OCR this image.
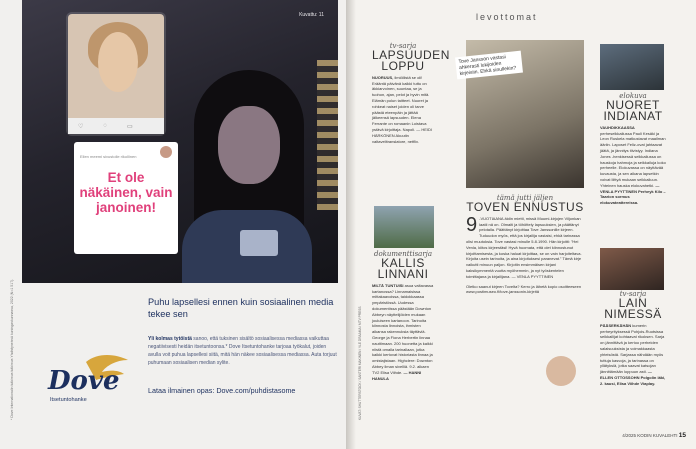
Kuvattu: 11
♡	◌	▭
Ellen meemi sivustolle rikollinen
Et ole näkäinen, vain janoinen!
Puhu lapsellesi ennen kuin sosiaalinen media tekee sen
Yli kolmas tytöistä sanoo, että tuksinen sisältö sosiaalisessa mediassa vaikuttaa negatiivisesti heidän itsetuntoonsa.* Dove Itsetuntohanke tarjoaa työkalut, joiden avulla voit puhua lapsellesi siitä, mitä hän näkee sosiaalisessa mediassa. Auta torjuut puhumaan sosiaalisen median sylite.
Lataa ilmainen opas: Dove.com/puhdistasome
Dove
Itsetuntohanke
* Dove Internationalin tutkimus tutkimus Yhdistyneissä kuningaskunnassa, 2022 (N=1 517).
levottomat
KUVAT: SHUTTERSTOCK / SANTERI MAKINEN / YLE DRAAMA / MTV PRESS
tv-sarja
LAPSUUDEN LOPPU

NUORUUS, ilmiöllistä se oli! Erääntä päivänä kaikki tuttu on äkkiarvoinen, suuntaa, se ja tuohon, ajan, pelot ja hyvin mitä. Elämän polun taitteet. Nuoret ja rohkeat naiset joiden oli tarve päästä eteenpäin ja jättää jälkeensä lapsuuden. Elena Ferrante on romaanin Loistava ystävä kirjoittaja. Napoli. — HEIDI HÄRKÖNEN Akuutin valtavelitranslatore, netflix.

dokumenttisarja
KALLIS LINNANI

MILTÄ TUNTUISI asua valtavassa kartanossa? Linnamaisissa mittakaavoissa, taidokkaassa ympäristössä. Uudessa dokumentissa päästään Downton Abbeyn näyttelijöiden mukaan jouluiseen kartanoon. Tarinoita kiinnosta linnoista, ihmisten aikansa rakennuksia täyttäviä. George ja Fiona Herbertin linnaa nauttimaan. 200 huonetta ja kaikki niistä omalla tarinallaan, jotka kaikki kertovat historiasta linnaa ja omistajistaan. Highclere: Downton Abbey ilman sivelliä. 9.2. alkaen TV2 Elisa Viihde. — HANNI HANULA

Tove Jansson vastasi ahkerasti lukijoiden kirjeisiin. Ehkä sinullekin?
tämä jutti jäljen
TOVEN ENNUSTUS

9 -VUOTIAANA äidin mietti, missä Muumi-kirjojen Viljonkan laatii nä on. Olmaiti ja töhöttely lapsuuksien, ja päättänyt pelotalla. Päättänyt kirjoittaa Tove Janssonille kirjeen. Tuduudon myös, että jos kirjailija vastaisi, ehkä tarinassa olisi muutoksia. Tove vastasi minulle 5.8.1990. Hän kirjoitti: ”Hei Venla, kiitos kirjeestäsi! Hyvä huomata, että olet kiinnostunut kirjoittamisesta, ja koska haluat kirjoittaa, se on vain harjoiteltava. Kirjoita usein tarinoita, ja aina kirjoituksesi paranevat.” Tämä kirje vaikutti minuun paljon. Kirjoitin ensimmäisen kirjani kaksikymmentä vuotta myöhemmin, ja nyt työskentelen toimittajana ja kirjailijana. — VENLA PYYTTINEN

Oletko saanut kirjeen Tovelta? Kerro ja lähetä kopio osoitteeseen www.postimuseo.fi/tove-janssonin-kirjeitä
elokuva
NUORET INDIANAT

VAUHDIKKAASSA perheseikkailussa Pauli Kesäki ja Leon Ruskela matkustavat maailman ääriin. Laposet Feliz-ovat jahtaavat jäätä, ja jännitys tiivistyy. Indiana Jones -henkisessä seikkailussa on hauskoja hahmoja ja seikkailuja koko perheelle. Elokuvassa on näyttävää kuvausta, ja sen aikana lapsetkin voivat liittyä mukaan seikkailuun. Yhteinen hauska elokuvahetki. — VENLA PYYTTINEN Perheyk Kilo – Taarion sormus elokuvateattereissa.

tv-sarja
LAIN NIMESSÄ

PÄÄSERKÄHÄN kumerin perheyrityksessä Pohjois-Ruotsissa seikkailijat kohtaavat rikoksen. Sarja on jännittävä ja kertoo perheiden salaisuuksista ja voimakkaasta yhteisöstä. Sarjassa nähdään myös tuttuja kasvoja, ja tarinassa on yllätyksiä, jotka saavat katsojan jännittämään loppuun asti. — ELLEN OTTOSSOHN Polgolin läki, 2. kausi, Elisa Viihde Viaplay.

4/2025 KODIN KUVALEHTI 15
